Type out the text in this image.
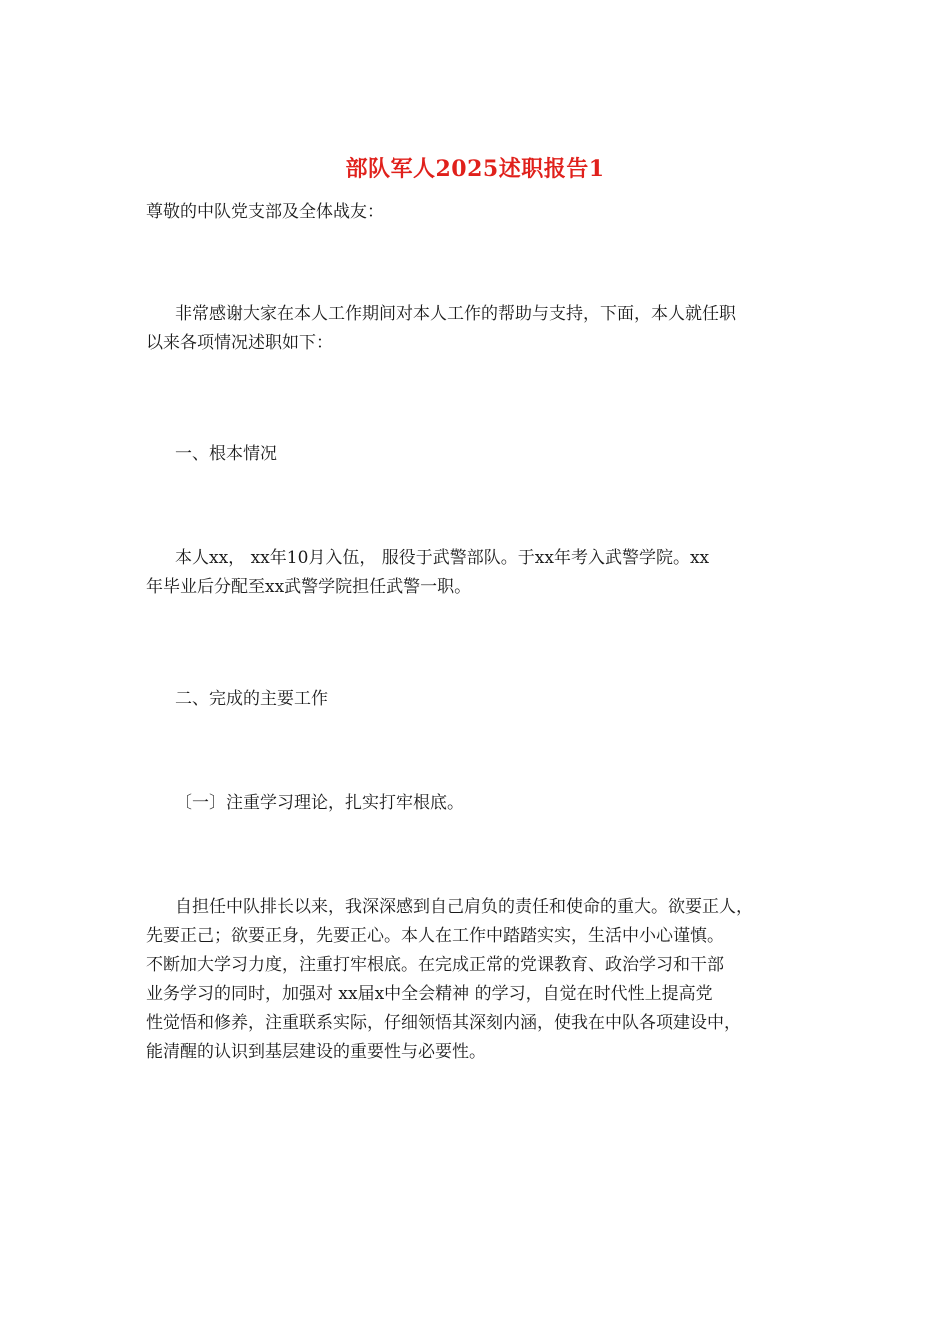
部队军人2025述职报告1
尊敬的中队党支部及全体战友：
非常感谢大家在本人工作期间对本人工作的帮助与支持，下面，本人就任职
以来各项情况述职如下：
一、根本情况
本人xx， xx年10月入伍， 服役于武警部队。于xx年考入武警学院。xx
年毕业后分配至xx武警学院担任武警一职。
二、完成的主要工作
〔一〕注重学习理论，扎实打牢根底。
自担任中队排长以来，我深深感到自己肩负的责任和使命的重大。欲要正人，
先要正己；欲要正身，先要正心。本人在工作中踏踏实实，生活中小心谨慎。
不断加大学习力度，注重打牢根底。在完成正常的党课教育、政治学习和干部
业务学习的同时，加强对 xx届x中全会精神 的学习，自觉在时代性上提高党
性觉悟和修养，注重联系实际，仔细领悟其深刻内涵，使我在中队各项建设中，
能清醒的认识到基层建设的重要性与必要性。
